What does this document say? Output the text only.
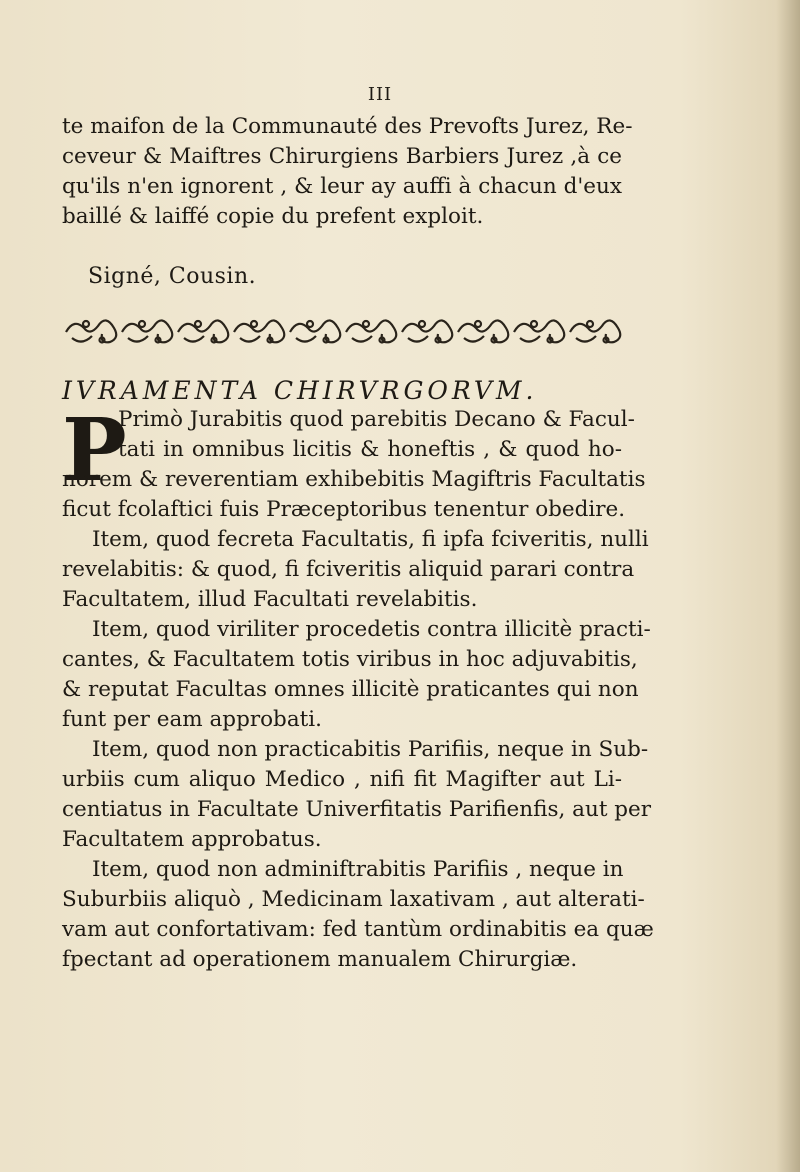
III
te maifon de la Communauté des Prevofts Jurez, Re-
ceveur & Maiftres Chirurgiens Barbiers Jurez ,à ce
qu'ils n'en ignorent , & leur ay auffi à chacun d'eux
baillé & laiffé copie du prefent exploit.
Signé, Cousin.
IVRAMENTA CHIRVRGORVM.
P
Primò Jurabitis quod parebitis Decano & Facul-
tati in omnibus licitis & honeftis , & quod ho-
norem & reverentiam exhibebitis Magiftris Facultatis
ficut fcolaftici fuis Præceptoribus tenentur obedire.
Item, quod fecreta Facultatis, fi ipfa fciveritis, nulli
revelabitis: & quod, fi fciveritis aliquid parari contra
Facultatem, illud Facultati revelabitis.
Item, quod viriliter procedetis contra illicitè practi-
cantes, & Facultatem totis viribus in hoc adjuvabitis,
& reputat Facultas omnes illicitè praticantes qui non
funt per eam approbati.
Item, quod non practicabitis Parifiis, neque in Sub-
urbiis cum aliquo Medico , nifi fit Magifter aut Li-
centiatus in Facultate Univerfitatis Parifienfis, aut per
Facultatem approbatus.
Item, quod non adminiftrabitis Parifiis , neque in
Suburbiis aliquò , Medicinam laxativam , aut alterati-
vam aut confortativam: fed tantùm ordinabitis ea quæ
fpectant ad operationem manualem Chirurgiæ.
